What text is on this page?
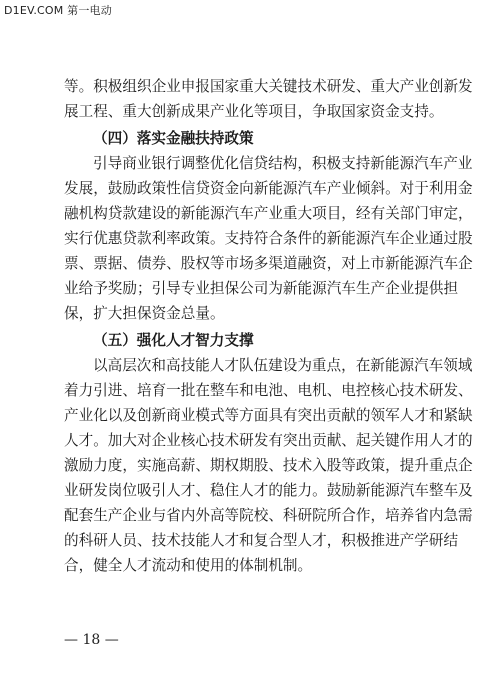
D1EV.COM 第一电动
等。积极组织企业申报国家重大关键技术研发、重大产业创新发
展工程、重大创新成果产业化等项目，争取国家资金支持。
（四）落实金融扶持政策
引导商业银行调整优化信贷结构，积极支持新能源汽车产业
发展，鼓励政策性信贷资金向新能源汽车产业倾斜。对于利用金
融机构贷款建设的新能源汽车产业重大项目，经有关部门审定，
实行优惠贷款利率政策。支持符合条件的新能源汽车企业通过股
票、票据、债券、股权等市场多渠道融资，对上市新能源汽车企
业给予奖励；引导专业担保公司为新能源汽车生产企业提供担
保，扩大担保资金总量。
（五）强化人才智力支撑
以高层次和高技能人才队伍建设为重点，在新能源汽车领域
着力引进、培育一批在整车和电池、电机、电控核心技术研发、
产业化以及创新商业模式等方面具有突出贡献的领军人才和紧缺
人才。加大对企业核心技术研发有突出贡献、起关键作用人才的
激励力度，实施高薪、期权期股、技术入股等政策，提升重点企
业研发岗位吸引人才、稳住人才的能力。鼓励新能源汽车整车及
配套生产企业与省内外高等院校、科研院所合作，培养省内急需
的科研人员、技术技能人才和复合型人才，积极推进产学研结
合，健全人才流动和使用的体制机制。
— 18 —
